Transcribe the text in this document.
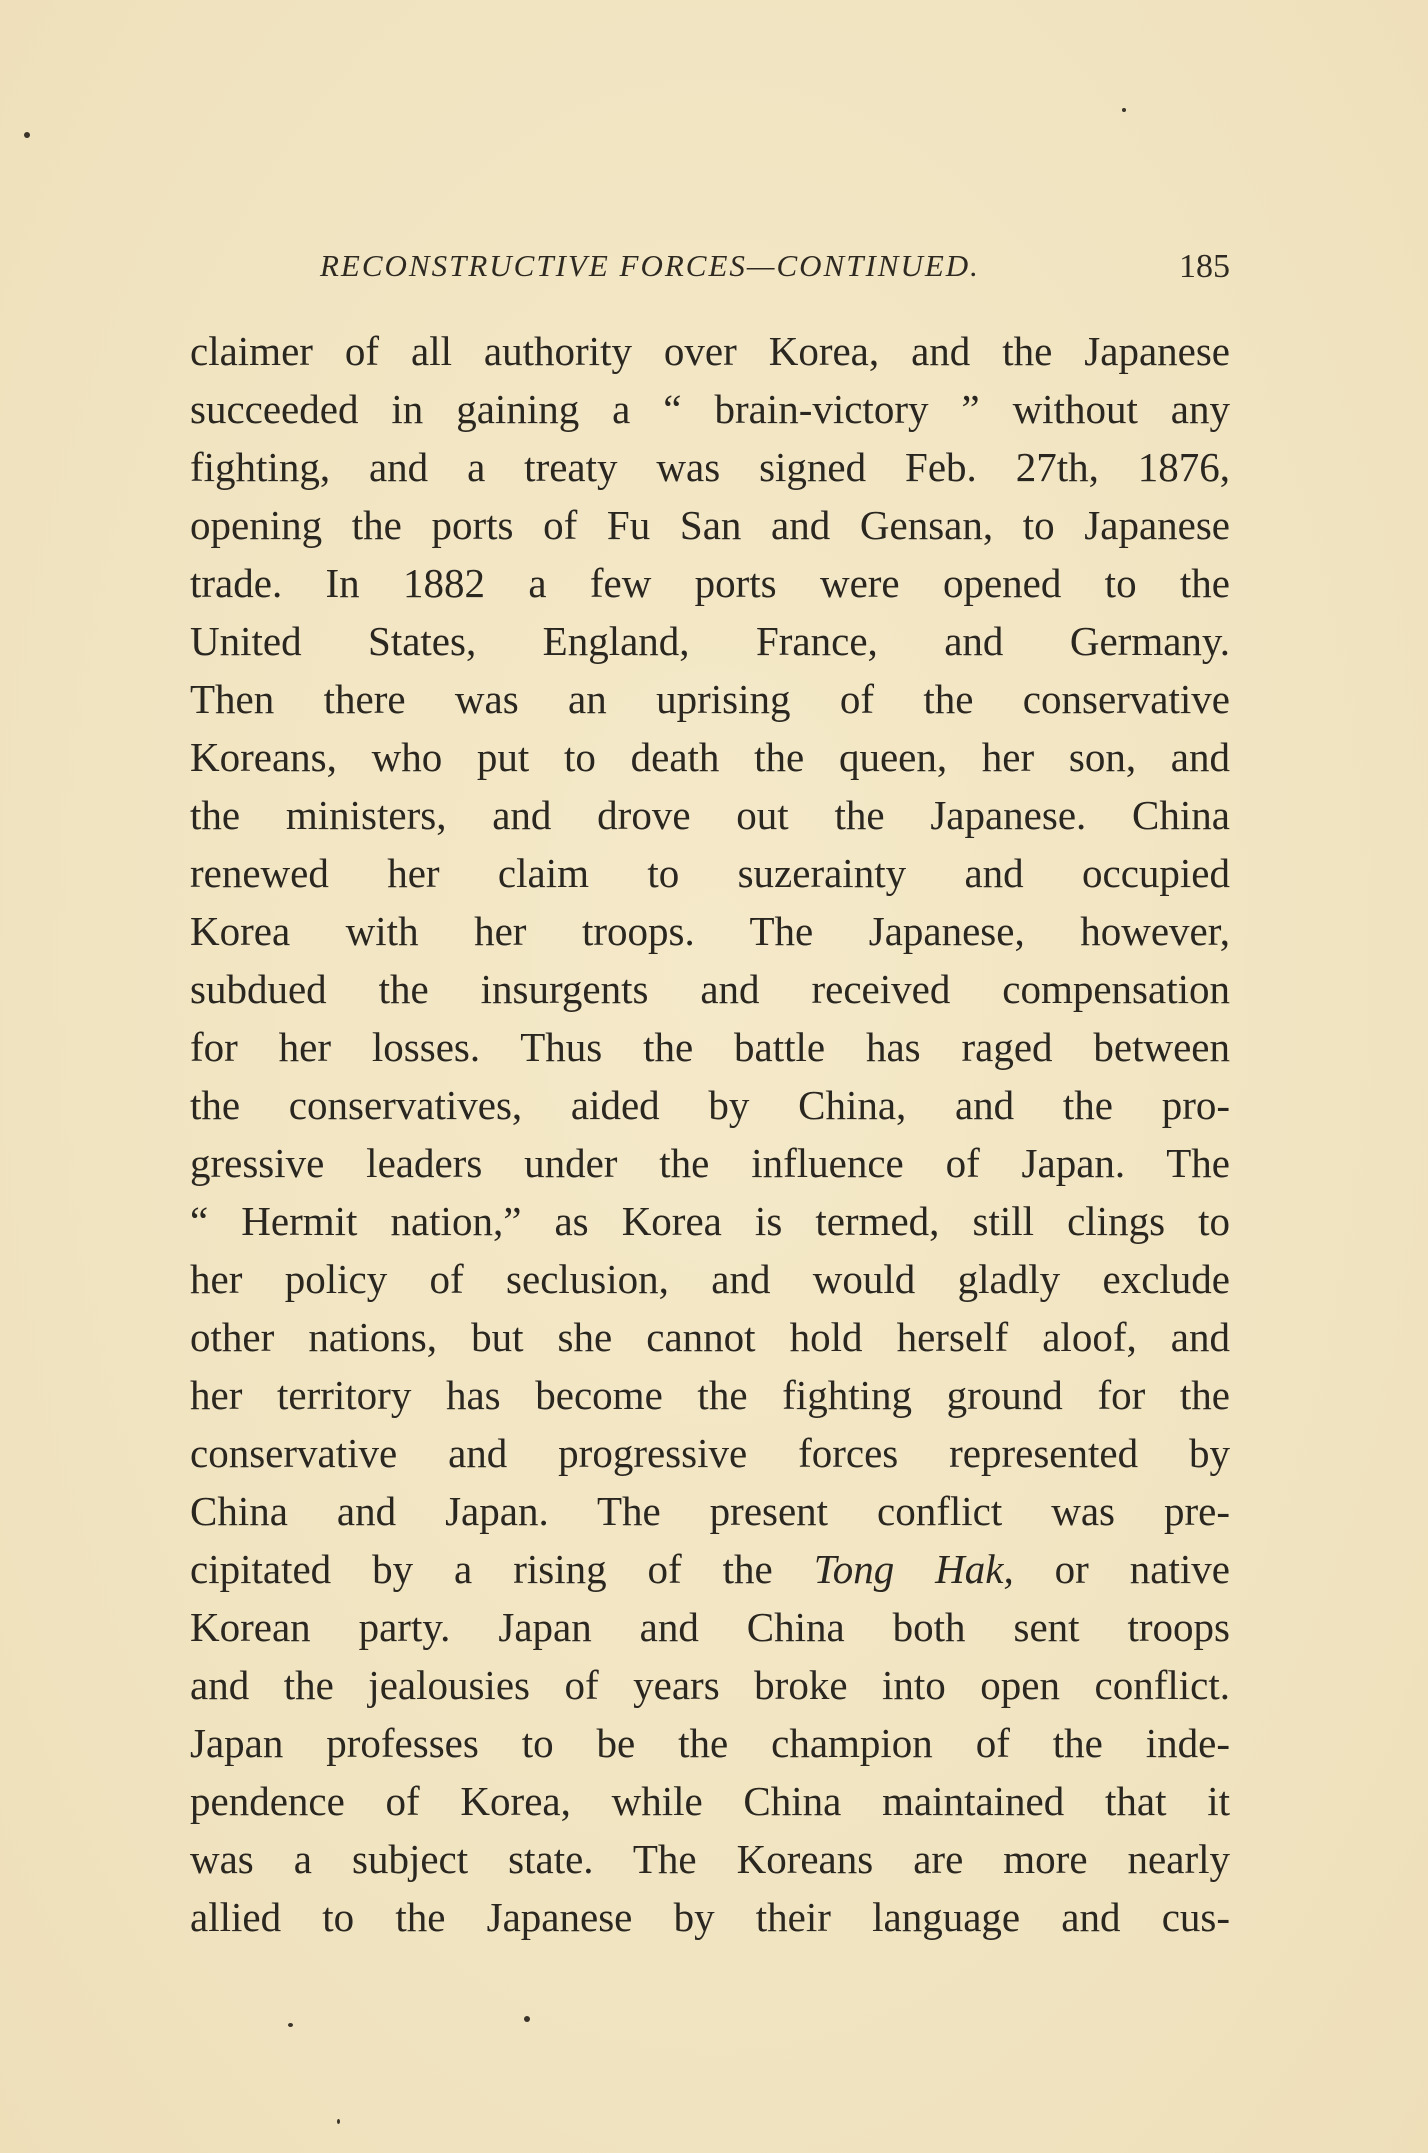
RECONSTRUCTIVE FORCES—CONTINUED.	185
claimer of all authority over Korea, and the Japanese
succeeded in gaining a “ brain-victory ” without any
fighting, and a treaty was signed Feb. 27th, 1876,
opening the ports of Fu San and Gensan, to Japanese
trade. In 1882 a few ports were opened to the
United States, England, France, and Germany.
Then there was an uprising of the conservative
Koreans, who put to death the queen, her son, and
the ministers, and drove out the Japanese. China
renewed her claim to suzerainty and occupied
Korea with her troops. The Japanese, however,
subdued the insurgents and received compensation
for her losses. Thus the battle has raged between
the conservatives, aided by China, and the pro-
gressive leaders under the influence of Japan. The
“ Hermit nation,” as Korea is termed, still clings to
her policy of seclusion, and would gladly exclude
other nations, but she cannot hold herself aloof, and
her territory has become the fighting ground for the
conservative and progressive forces represented by
China and Japan. The present conflict was pre-
cipitated by a rising of the Tong Hak, or native
Korean party. Japan and China both sent troops
and the jealousies of years broke into open conflict.
Japan professes to be the champion of the inde-
pendence of Korea, while China maintained that it
was a subject state. The Koreans are more nearly
allied to the Japanese by their language and cus-
